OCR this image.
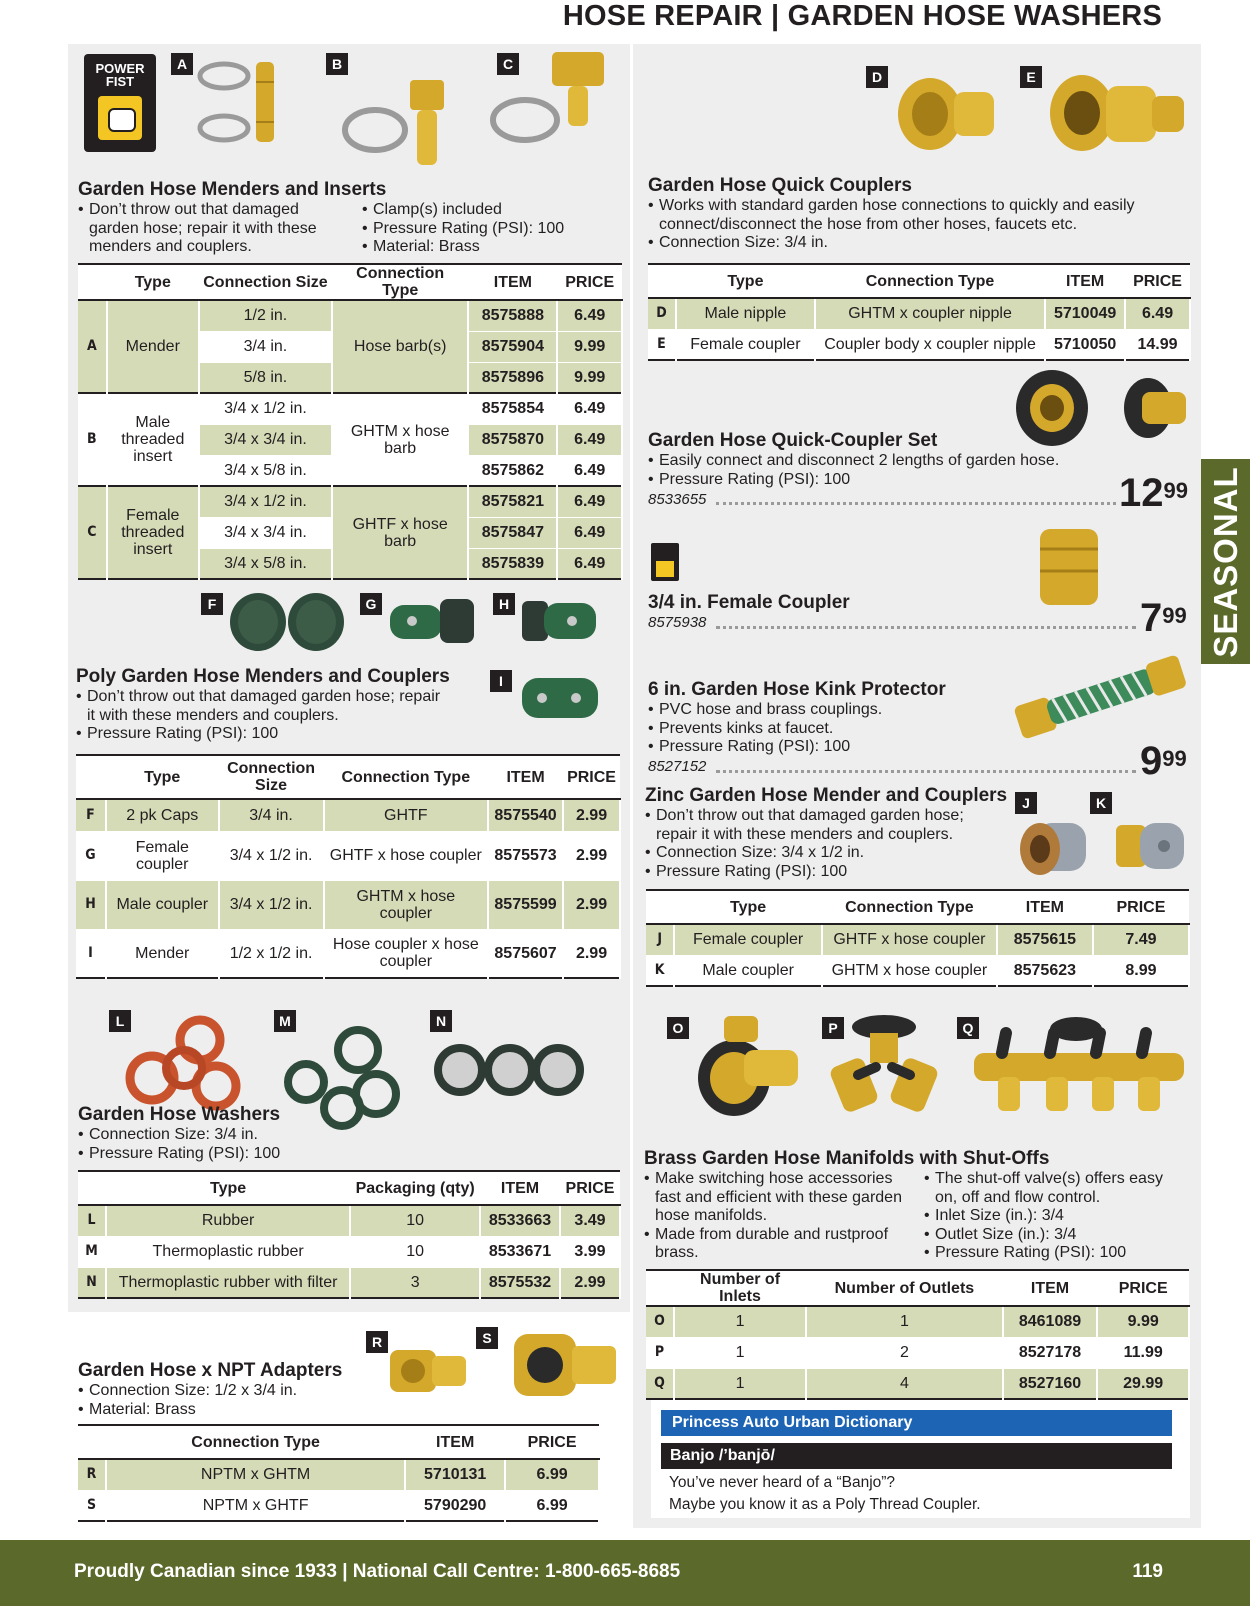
HOSE REPAIR | GARDEN HOSE WASHERS
SEASONAL
POWER
FIST
A	B	C
Garden Hose Menders and Inserts
• Don’t throw out that damaged garden hose; repair it with these menders and couplers.
• Clamp(s) included
• Pressure Rating (PSI): 100
• Material: Brass
	Type	Connection Size	Connection Type	ITEM	PRICE
A	Mender	1/2 in.	Hose barb(s)	8575888	6.49
		3/4 in.		8575904	9.99
		5/8 in.		8575896	9.99
B	Male threaded insert	3/4 x 1/2 in.	GHTM x hose barb	8575854	6.49
		3/4 x 3/4 in.		8575870	6.49
		3/4 x 5/8 in.		8575862	6.49
C	Female threaded insert	3/4 x 1/2 in.	GHTF x hose barb	8575821	6.49
		3/4 x 3/4 in.		8575847	6.49
		3/4 x 5/8 in.		8575839	6.49
F	G	H
I
Poly Garden Hose Menders and Couplers
• Don’t throw out that damaged garden hose; repair it with these menders and couplers.
• Pressure Rating (PSI): 100
	Type	Connection Size	Connection Type	ITEM	PRICE
F	2 pk Caps	3/4 in.	GHTF	8575540	2.99
G	Female coupler	3/4 x 1/2 in.	GHTF x hose coupler	8575573	2.99
H	Male coupler	3/4 x 1/2 in.	GHTM x hose coupler	8575599	2.99
I	Mender	1/2 x 1/2 in.	Hose coupler x hose coupler	8575607	2.99
L	M	N
Garden Hose Washers
• Connection Size: 3/4 in.
• Pressure Rating (PSI): 100
	Type	Packaging (qty)	ITEM	PRICE
L	Rubber	10	8533663	3.49
M	Thermoplastic rubber	10	8533671	3.99
N	Thermoplastic rubber with filter	3	8575532	2.99
R	S
Garden Hose x NPT Adapters
• Connection Size: 1/2 x 3/4 in.
• Material: Brass
	Connection Type	ITEM	PRICE
R	NPTM x GHTM	5710131	6.99
S	NPTM x GHTF	5790290	6.99
D	E
Garden Hose Quick Couplers
• Works with standard garden hose connections to quickly and easily connect/disconnect the hose from other hoses, faucets etc.
• Connection Size: 3/4 in.
	Type	Connection Type	ITEM	PRICE
D	Male nipple	GHTM x coupler nipple	5710049	6.49
E	Female coupler	Coupler body x coupler nipple	5710050	14.99
Garden Hose Quick-Coupler Set
• Easily connect and disconnect 2 lengths of garden hose.
• Pressure Rating (PSI): 100
8533655	$12^{99}$
3/4 in. Female Coupler
8575938	$7^{99}$
6 in. Garden Hose Kink Protector
• PVC hose and brass couplings.
• Prevents kinks at faucet.
• Pressure Rating (PSI): 100
8527152	$9^{99}$
J	K
Zinc Garden Hose Mender and Couplers
• Don’t throw out that damaged garden hose; repair it with these menders and couplers.
• Connection Size: 3/4 x 1/2 in.
• Pressure Rating (PSI): 100
	Type	Connection Type	ITEM	PRICE
J	Female coupler	GHTF x hose coupler	8575615	7.49
K	Male coupler	GHTM x hose coupler	8575623	8.99
O	P	Q
Brass Garden Hose Manifolds with Shut-Offs
• Make switching hose accessories fast and efficient with these garden hose manifolds.
• Made from durable and rustproof brass.
• The shut-off valve(s) offers easy on, off and flow control.
• Inlet Size (in.): 3/4
• Outlet Size (in.): 3/4
• Pressure Rating (PSI): 100
	Number of Inlets	Number of Outlets	ITEM	PRICE
O	1	1	8461089	9.99
P	1	2	8527178	11.99
Q	1	4	8527160	29.99
Princess Auto Urban Dictionary
Banjo /’banjō/
You’ve never heard of a “Banjo”?
Maybe you know it as a Poly Thread Coupler.
Proudly Canadian since 1933 | National Call Centre: 1-800-665-8685	119
